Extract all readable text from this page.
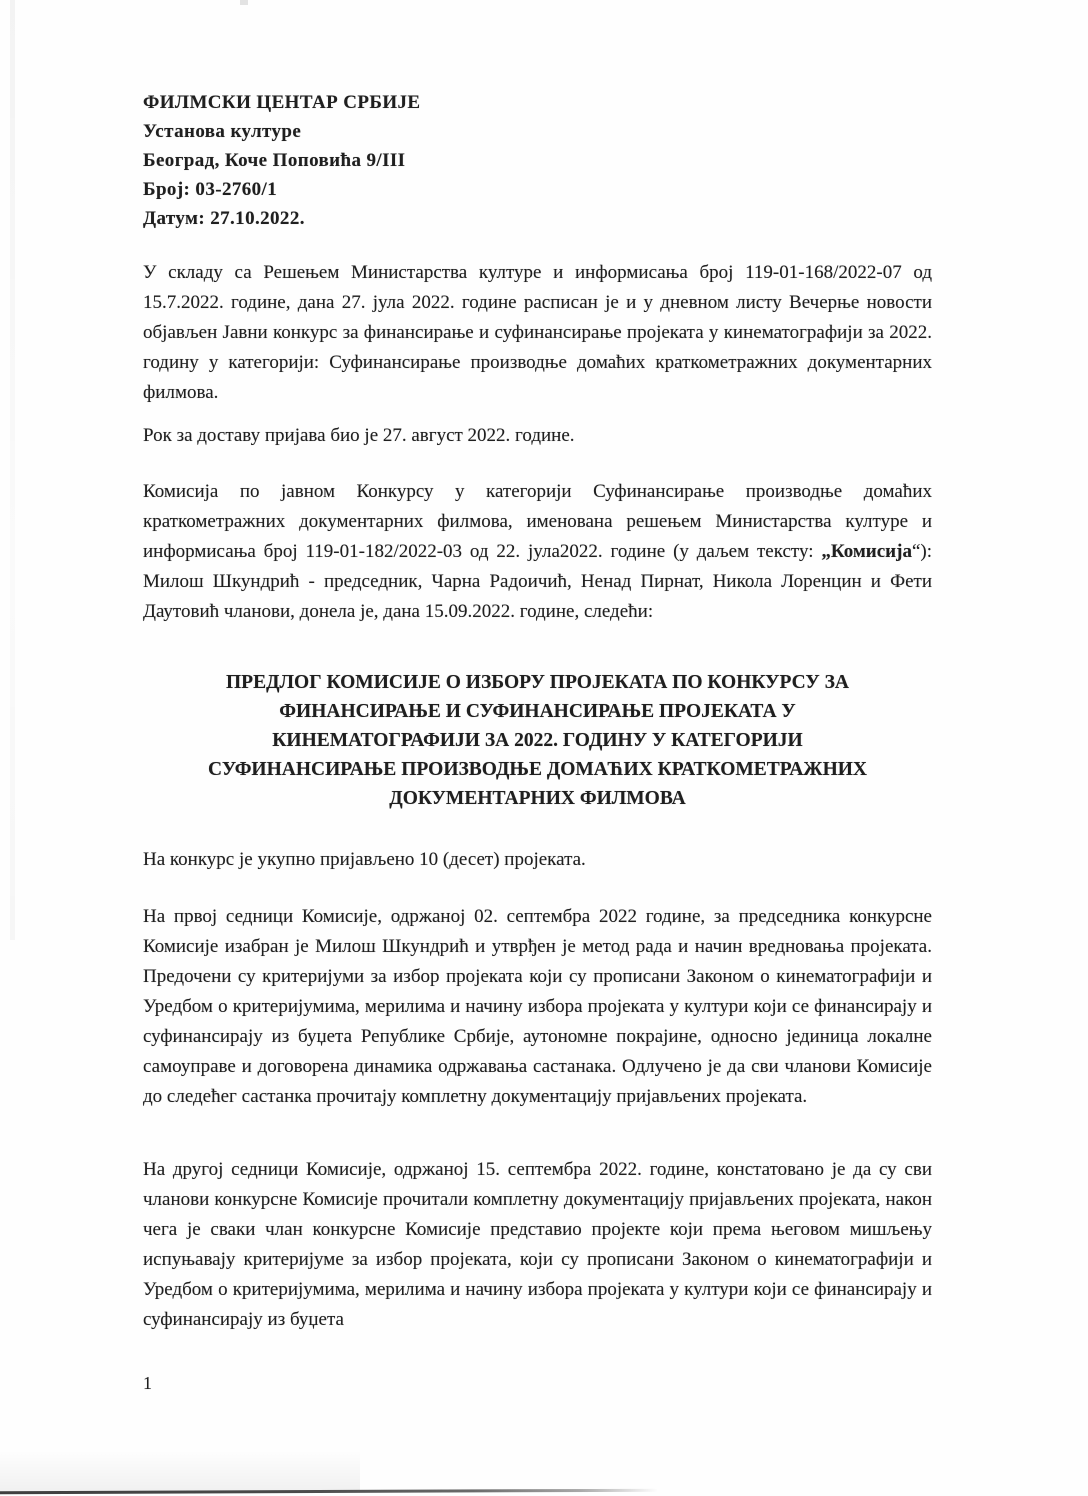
ФИЛМСКИ ЦЕНТАР СРБИЈЕ
Установа културе
Београд, Коче Поповића 9/III
Број: 03-2760/1
Датум: 27.10.2022.

У складу са Решењем Министарства културе и информисања број 119-01-168/2022-07 од 15.7.2022. године, дана 27. јула 2022. године расписан је и у дневном листу Вечерње новости објављен Јавни конкурс за финансирање и суфинансирање пројеката у кинематографији за 2022. годину у категорији: Суфинансирање производње домаћих краткометражних документарних филмова.

Рок за доставу пријава био је 27. август 2022. године.

Комисија по јавном Конкурсу у категорији Суфинансирање производње домаћих краткометражних документарних филмова, именована решењем Министарства културе и информисања број 119-01-182/2022-03 од 22. јула2022. године (у даљем тексту: „Комисија“): Милош Шкундрић - председник, Чарна Радоичић, Ненад Пирнат, Никола Лоренцин и Фети Даутовић чланови, донела је, дана 15.09.2022. године, следећи:

ПРЕДЛОГ КОМИСИЈЕ О ИЗБОРУ ПРОЈЕКАТА ПО КОНКУРСУ ЗА
ФИНАНСИРАЊЕ И СУФИНАНСИРАЊЕ ПРОЈЕКАТА У
КИНЕМАТОГРАФИЈИ ЗА 2022. ГОДИНУ У КАТЕГОРИЈИ
СУФИНАНСИРАЊЕ ПРОИЗВОДЊЕ ДОМАЋИХ КРАТКОМЕТРАЖНИХ
ДОКУМЕНТАРНИХ ФИЛМОВА

На конкурс је укупно пријављено 10 (десет) пројеката.

На првој седници Комисије, одржаној 02. септембра 2022 године, за председника конкурсне Комисије изабран је Милош Шкундрић и утврђен је метод рада и начин вредновања пројеката. Предочени су критеријуми за избор пројеката који су прописани Законом о кинематографији и Уредбом о критеријумима, мерилима и начину избора пројеката у култури који се финансирају и суфинансирају из буџета Републике Србије, аутономне покрајине, односно јединица локалне самоуправе и договорена динамика одржавања састанака. Одлучено је да сви чланови Комисије до следећег састанка прочитају комплетну документацију пријављених пројеката.

На другој седници Комисије, одржаној 15. септембра 2022. године, констатовано је да су сви чланови конкурсне Комисије прочитали комплетну документацију пријављених пројеката, након чега је сваки члан конкурсне Комисије представио пројекте који према његовом мишљењу испуњавају критеријуме за избор пројеката, који су прописани Законом о кинематографији и Уредбом о критеријумима, мерилима и начину избора пројеката у култури који се финансирају и суфинансирају из буџета

1
